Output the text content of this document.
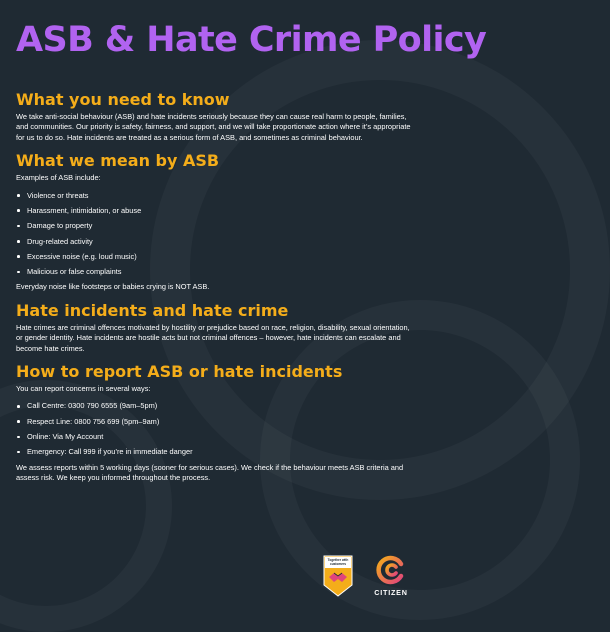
ASB & Hate Crime Policy
What you need to know

We take anti-social behaviour (ASB) and hate incidents seriously because they can cause real harm to people, families, and communities. Our priority is safety, fairness, and support, and we will take proportionate action where it’s appropriate for us to do so. Hate incidents are treated as a serious form of ASB, and sometimes as criminal behaviour.

What we mean by ASB

Examples of ASB include:

Violence or threats
Harassment, intimidation, or abuse
Damage to property
Drug-related activity
Excessive noise (e.g. loud music)
Malicious or false complaints

Everyday noise like footsteps or babies crying is NOT ASB.

Hate incidents and hate crime

Hate crimes are criminal offences motivated by hostility or prejudice based on race, religion, disability, sexual orientation, or gender identity. Hate incidents are hostile acts but not criminal offences – however, hate incidents can escalate and become hate crimes.

How to report ASB or hate incidents

You can report concerns in several ways:

Call Centre: 0300 790 6555 (9am–5pm)
Respect Line: 0800 756 699 (5pm–9am)
Online: Via My Account
Emergency: Call 999 if you’re in immediate danger

We assess reports within 5 working days (sooner for serious cases). We check if the behaviour meets ASB criteria and assess risk. We keep you informed throughout the process.

Together with customers
CITIZEN
